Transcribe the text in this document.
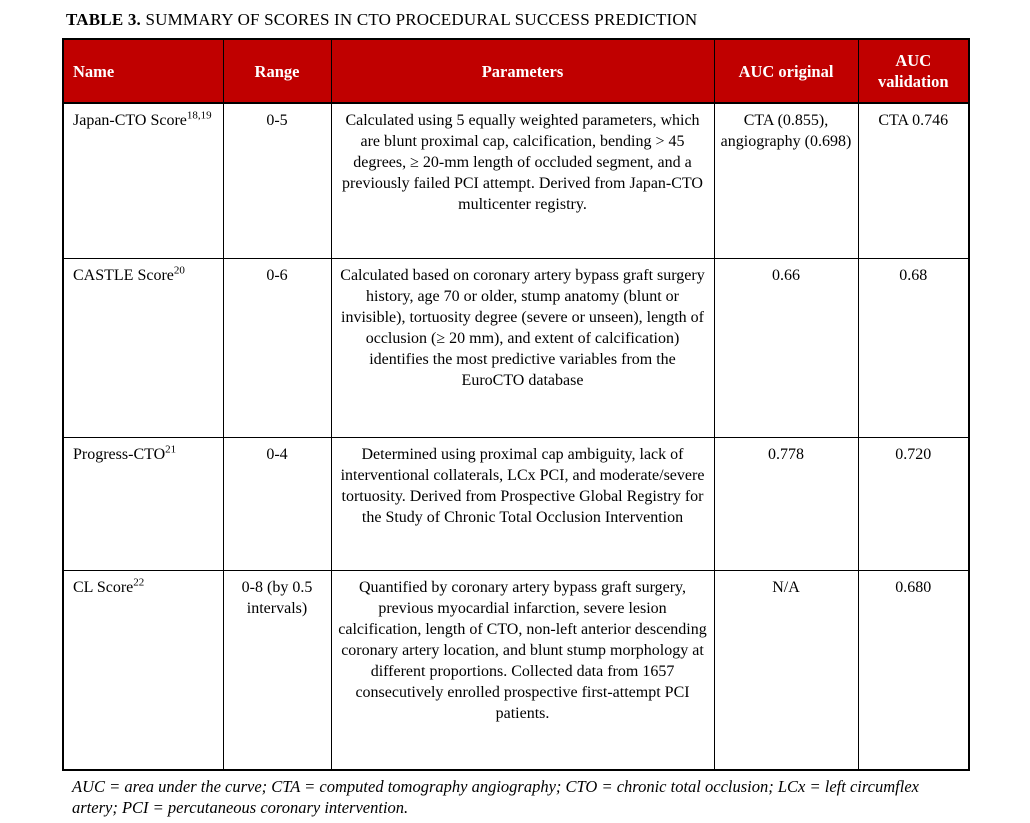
TABLE 3. SUMMARY OF SCORES IN CTO PROCEDURAL SUCCESS PREDICTION
Name	Range	Parameters	AUC original	AUC validation
Japan-CTO Score$^{18,19}$	0-5	Calculated using 5 equally weighted parameters, which are blunt proximal cap, calcification, bending > 45 degrees, ≥ 20-mm length of occluded segment, and a previously failed PCI attempt. Derived from Japan-CTO multicenter registry.	CTA (0.855), angiography (0.698)	CTA 0.746
CASTLE Score$^{20}$	0-6	Calculated based on coronary artery bypass graft surgery history, age 70 or older, stump anatomy (blunt or invisible), tortuosity degree (severe or unseen), length of occlusion (≥ 20 mm), and extent of calcification) identifies the most predictive variables from the EuroCTO database	0.66	0.68
Progress-CTO$^{21}$	0-4	Determined using proximal cap ambiguity, lack of interventional collaterals, LCx PCI, and moderate/severe tortuosity. Derived from Prospective Global Registry for the Study of Chronic Total Occlusion Intervention	0.778	0.720
CL Score$^{22}$	0-8 (by 0.5 intervals)	Quantified by coronary artery bypass graft surgery, previous myocardial infarction, severe lesion calcification, length of CTO, non-left anterior descending coronary artery location, and blunt stump morphology at different proportions. Collected data from 1657 consecutively enrolled prospective first-attempt PCI patients.	N/A	0.680
AUC = area under the curve; CTA = computed tomography angiography; CTO = chronic total occlusion; LCx = left circumflex artery; PCI = percutaneous coronary intervention.
